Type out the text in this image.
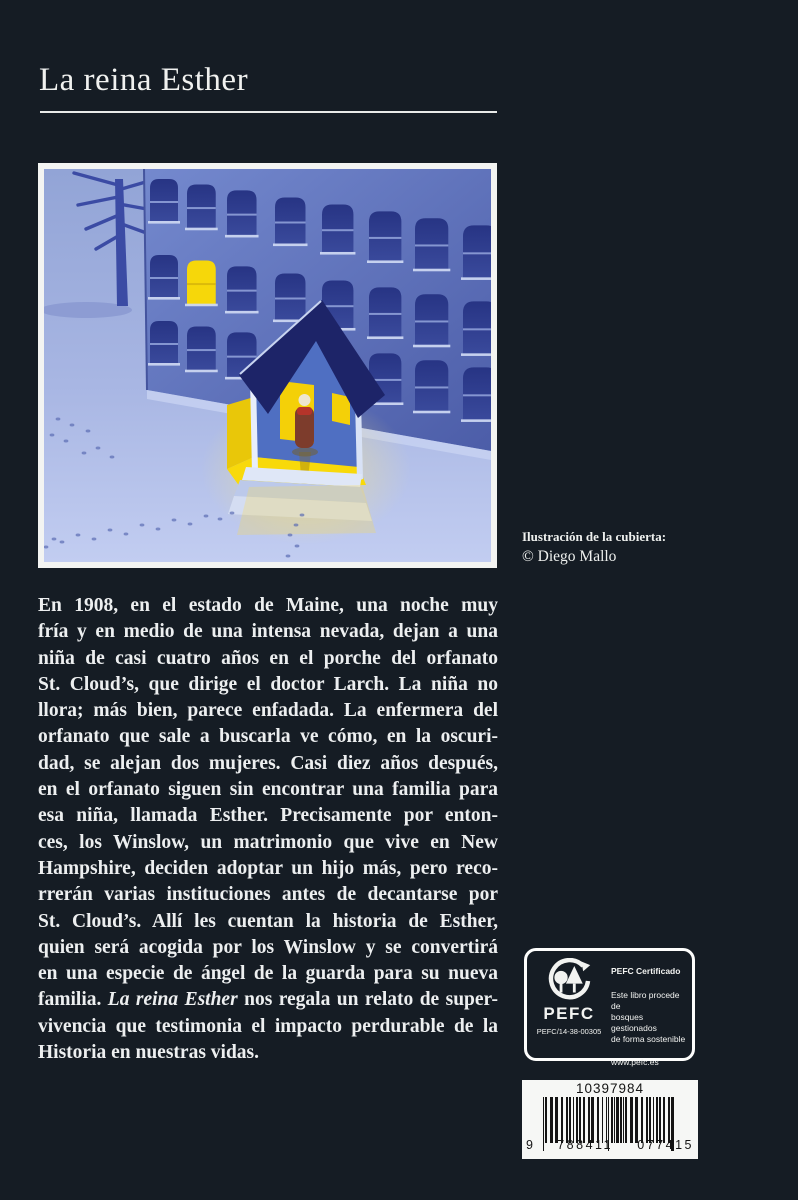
La reina Esther
Ilustración de la cubierta:
© Diego Mallo
En 1908, en el estado de Maine, una noche muy
fría y en medio de una intensa nevada, dejan a una
niña de casi cuatro años en el porche del orfanato
St. Cloud’s, que dirige el doctor Larch. La niña no
llora; más bien, parece enfadada. La enfermera del
orfanato que sale a buscarla ve cómo, en la oscuri-
dad, se alejan dos mujeres. Casi diez años después,
en el orfanato siguen sin encontrar una familia para
esa niña, llamada Esther. Precisamente por enton-
ces, los Winslow, un matrimonio que vive en New
Hampshire, deciden adoptar un hijo más, pero reco-
rrerán varias instituciones antes de decantarse por
St. Cloud’s. Allí les cuentan la historia de Esther,
quien será acogida por los Winslow y se convertirá
en una especie de ángel de la guarda para su nueva
familia. La reina Esther nos regala un relato de super-
vivencia que testimonia el impacto perdurable de la
Historia en nuestras vidas.
PEFC
PEFC/14-38-00305
PEFC Certificado
Este libro procede de
bosques gestionados
de forma sostenible
www.pefc.es
10397984
9 788411 077415
